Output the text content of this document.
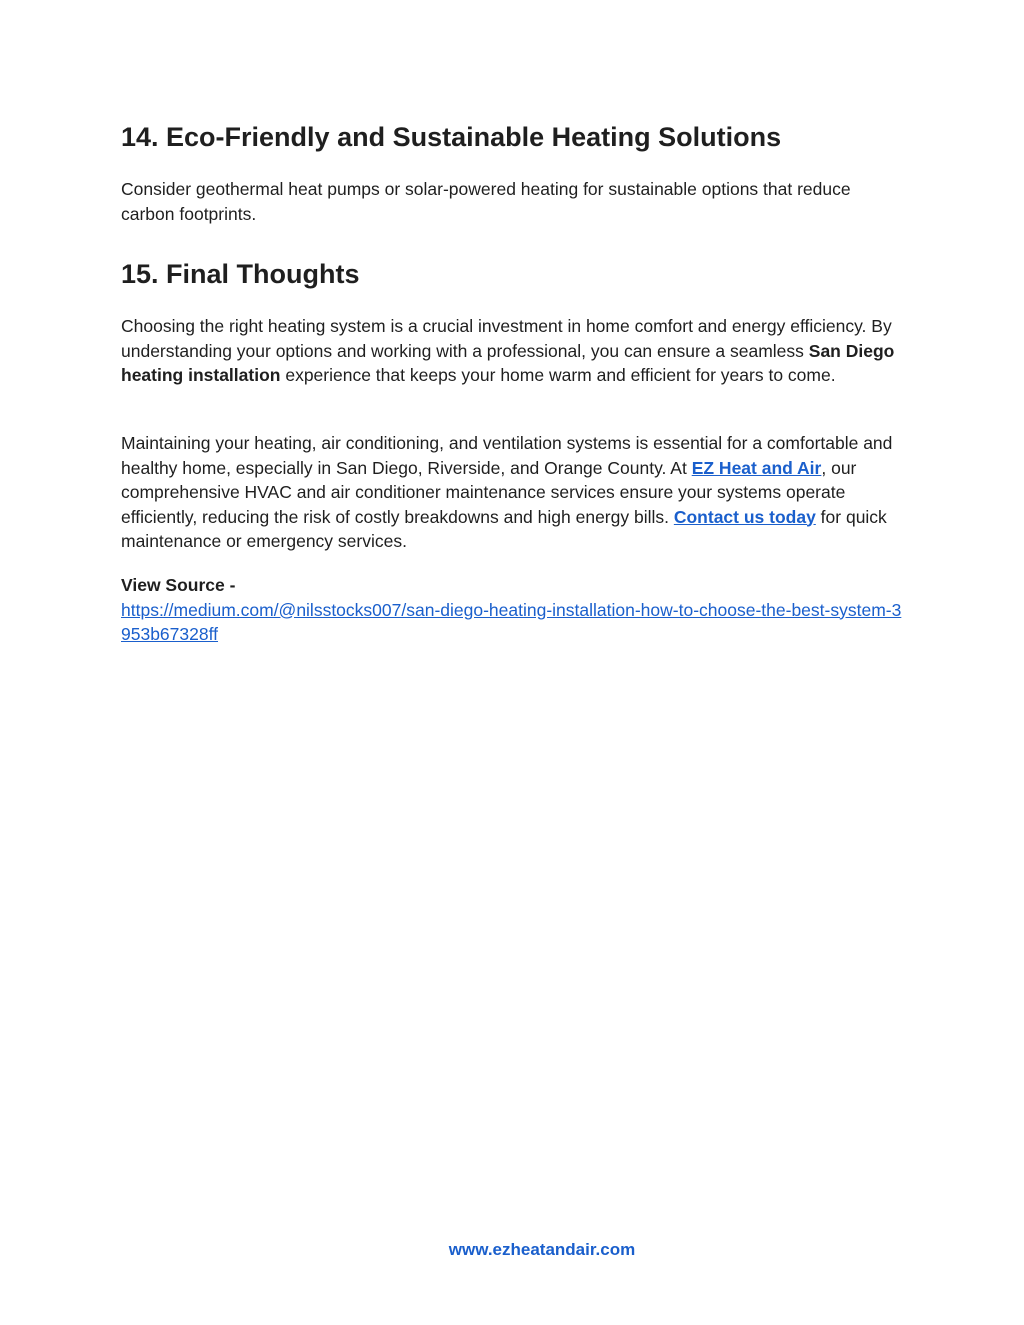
14. Eco-Friendly and Sustainable Heating Solutions

Consider geothermal heat pumps or solar-powered heating for sustainable options that reduce carbon footprints.

15. Final Thoughts

Choosing the right heating system is a crucial investment in home comfort and energy efficiency. By understanding your options and working with a professional, you can ensure a seamless San Diego heating installation experience that keeps your home warm and efficient for years to come.

Maintaining your heating, air conditioning, and ventilation systems is essential for a comfortable and healthy home, especially in San Diego, Riverside, and Orange County. At EZ Heat and Air, our comprehensive HVAC and air conditioner maintenance services ensure your systems operate efficiently, reducing the risk of costly breakdowns and high energy bills. Contact us today for quick maintenance or emergency services.

View Source -
https://medium.com/@nilsstocks007/san-diego-heating-installation-how-to-choose-the-best-system-3953b67328ff

www.ezheatandair.com
